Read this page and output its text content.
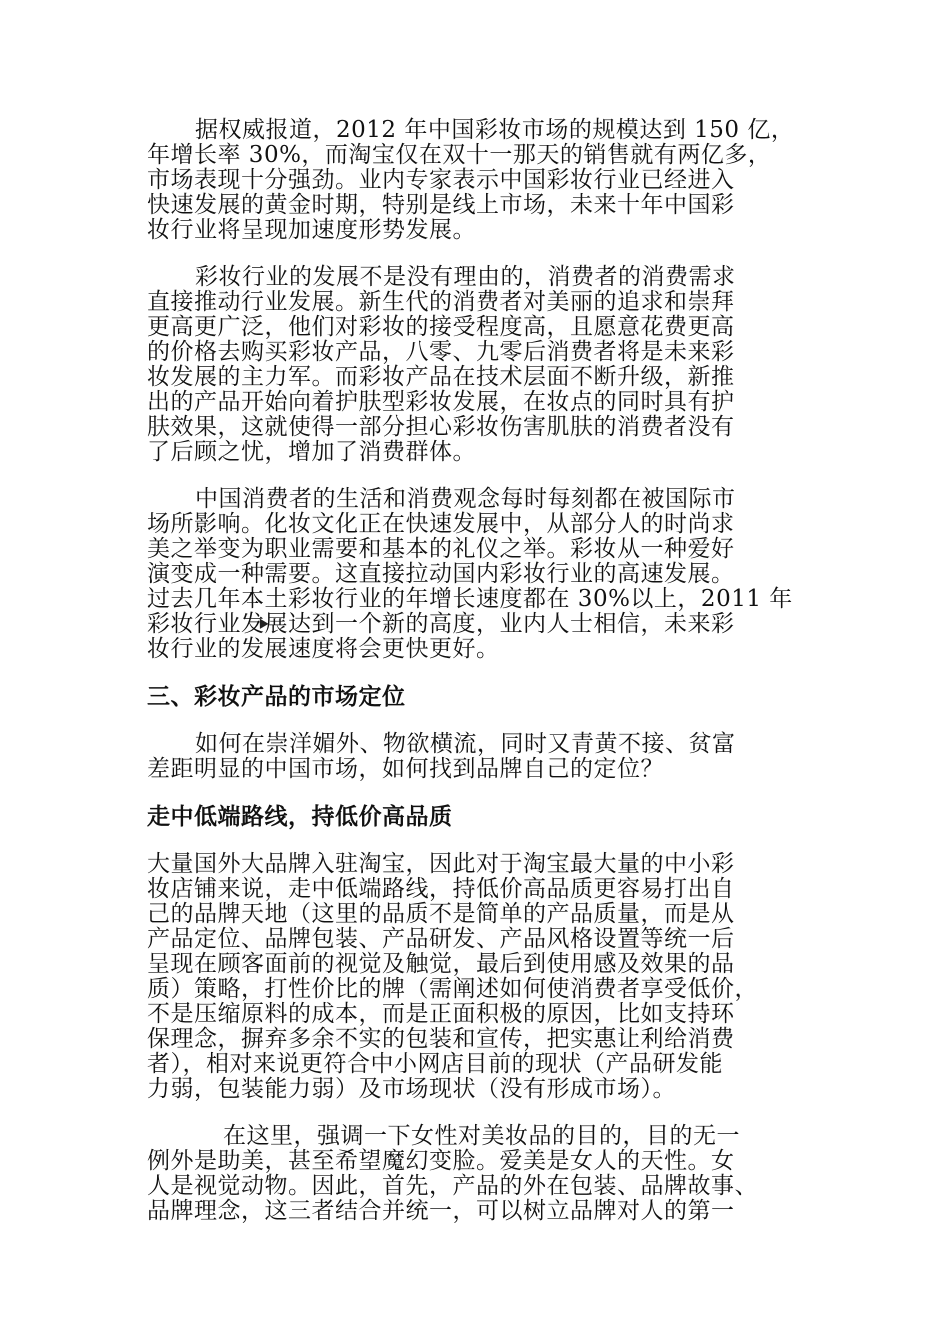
据权威报道，2012 年中国彩妆市场的规模达到 150 亿，
年增长率 30%，而淘宝仅在双十一那天的销售就有两亿多，
市场表现十分强劲。业内专家表示中国彩妆行业已经进入
快速发展的黄金时期，特别是线上市场，未来十年中国彩
妆行业将呈现加速度形势发展。
彩妆行业的发展不是没有理由的，消费者的消费需求
直接推动行业发展。新生代的消费者对美丽的追求和崇拜
更高更广泛，他们对彩妆的接受程度高，且愿意花费更高
的价格去购买彩妆产品，八零、九零后消费者将是未来彩
妆发展的主力军。而彩妆产品在技术层面不断升级，新推
出的产品开始向着护肤型彩妆发展，在妆点的同时具有护
肤效果，这就使得一部分担心彩妆伤害肌肤的消费者没有
了后顾之忧，增加了消费群体。
中国消费者的生活和消费观念每时每刻都在被国际市
场所影响。化妆文化正在快速发展中，从部分人的时尚求
美之举变为职业需要和基本的礼仪之举。彩妆从一种爱好
演变成一种需要。这直接拉动国内彩妆行业的高速发展。
过去几年本土彩妆行业的年增长速度都在 30%以上，2011 年
彩妆行业发展达到一个新的高度，业内人士相信，未来彩
妆行业的发展速度将会更快更好。
三、彩妆产品的市场定位
如何在崇洋媚外、物欲横流，同时又青黄不接、贫富
差距明显的中国市场，如何找到品牌自己的定位？
走中低端路线，持低价高品质
大量国外大品牌入驻淘宝，因此对于淘宝最大量的中小彩
妆店铺来说，走中低端路线，持低价高品质更容易打出自
己的品牌天地（这里的品质不是简单的产品质量，而是从
产品定位、品牌包装、产品研发、产品风格设置等统一后
呈现在顾客面前的视觉及触觉，最后到使用感及效果的品
质）策略，打性价比的牌（需阐述如何使消费者享受低价，
不是压缩原料的成本，而是正面积极的原因，比如支持环
保理念，摒弃多余不实的包装和宣传，把实惠让利给消费
者），相对来说更符合中小网店目前的现状（产品研发能
力弱，包装能力弱）及市场现状（没有形成市场）。
在这里，强调一下女性对美妆品的目的，目的无一
例外是助美，甚至希望魔幻变脸。爱美是女人的天性。女
人是视觉动物。因此，首先，产品的外在包装、品牌故事、
品牌理念，这三者结合并统一，可以树立品牌对人的第一
